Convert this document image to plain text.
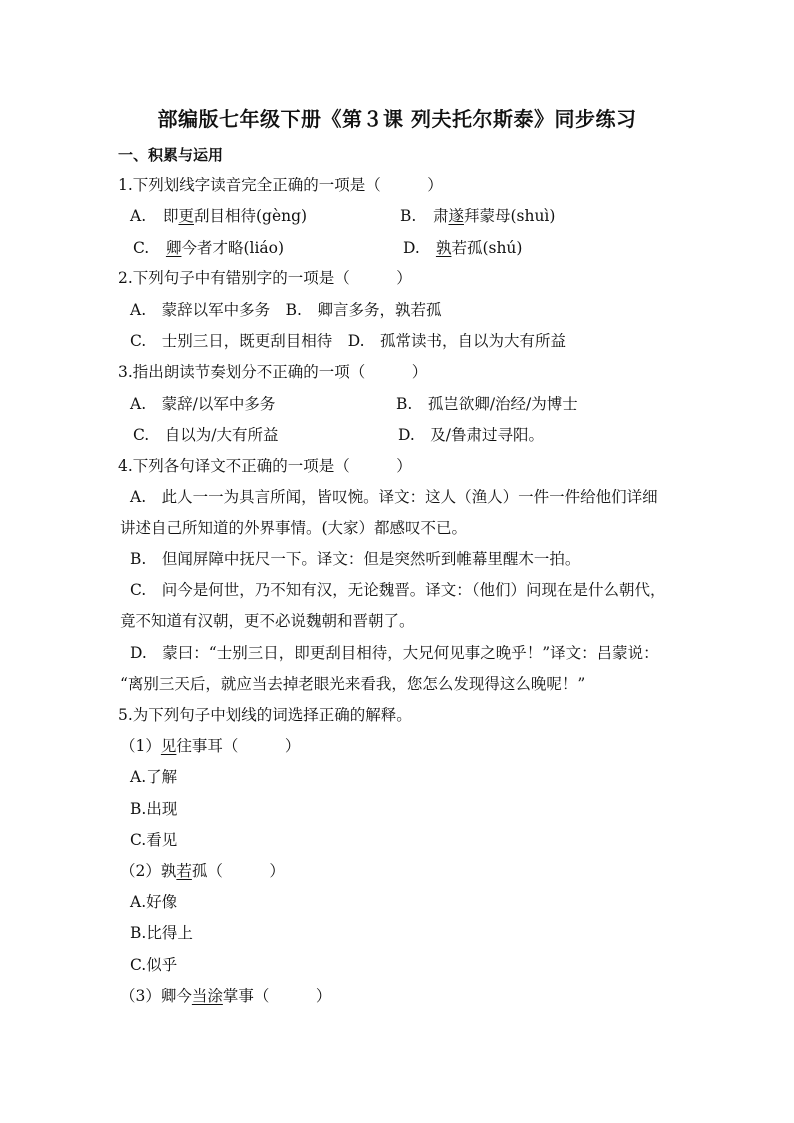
部编版七年级下册《第３课 列夫托尔斯泰》同步练习
一、积累与运用
1.下列划线字读音完全正确的一项是（　　　）
A. 即更刮目相待(gèng)	B. 肃遂拜蒙母(shuì)
C. 卿今者才略(liáo)	D. 孰若孤(shú)
2.下列句子中有错别字的一项是（　　　）
A.　蒙辞以军中多务　B.　卿言多务，孰若孤
C.　士别三日，既更刮目相待　D.　孤常读书，自以为大有所益
3.指出朗读节奏划分不正确的一项（　　　）
A.　蒙辞/以军中多务	B.　孤岂欲卿/治经/为博士
C.　自以为/大有所益	D.　及/鲁肃过寻阳。
4.下列各句译文不正确的一项是（　　　）
A.　此人一一为具言所闻，皆叹惋。译文：这人（渔人）一件一件给他们详细
讲述自己所知道的外界事情。(大家）都感叹不已。
B.　但闻屏障中抚尺一下。译文：但是突然听到帷幕里醒木一拍。
C.　问今是何世，乃不知有汉，无论魏晋。译文：（他们）问现在是什么朝代，
竟不知道有汉朝，更不必说魏朝和晋朝了。
D.　蒙曰：“士别三日，即更刮目相待，大兄何见事之晚乎！”译文：吕蒙说：
“离别三天后，就应当去掉老眼光来看我，您怎么发现得这么晚呢！”
5.为下列句子中划线的词选择正确的解释。
（1）见往事耳（　　　）
A.了解
B.出现
C.看见
（2）孰若孤（　　　）
A.好像
B.比得上
C.似乎
（3）卿今当涂掌事（　　　）
